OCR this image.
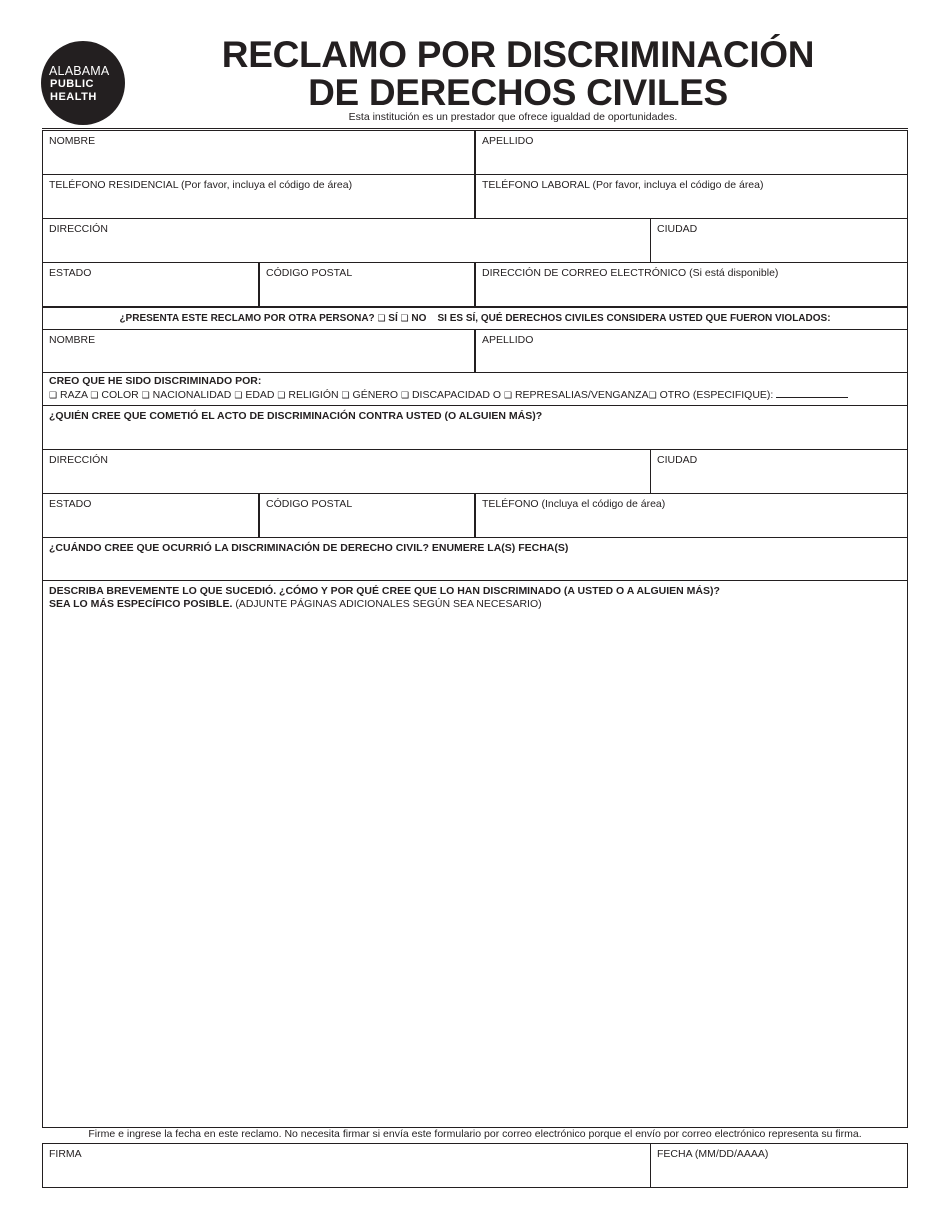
ALABAMA
PUBLIC
HEALTH
RECLAMO POR DISCRIMINACIÓN
DE DERECHOS CIVILES
Esta institución es un prestador que ofrece igualdad de oportunidades.
NOMBRE	APELLIDO
TELÉFONO RESIDENCIAL (Por favor, incluya el código de área)	TELÉFONO LABORAL (Por favor, incluya el código de área)
DIRECCIÓN	CIUDAD
ESTADO	CÓDIGO POSTAL	DIRECCIÓN DE CORREO ELECTRÓNICO (Si está disponible)
¿PRESENTA ESTE RECLAMO POR OTRA PERSONA?
❑
SÍ
❑
NO
SI ES SÍ, QUÉ DERECHOS CIVILES CONSIDERA USTED QUE FUERON VIOLADOS:
NOMBRE	APELLIDO
CREO QUE HE SIDO DISCRIMINADO POR:
❑ RAZA ❑ COLOR ❑ NACIONALIDAD ❑ EDAD ❑ RELIGIÓN ❑ GÉNERO ❑ DISCAPACIDAD O ❑ REPRESALIAS/VENGANZA❑ OTRO (ESPECIFIQUE):
¿QUIÉN CREE QUE COMETIÓ EL ACTO DE DISCRIMINACIÓN CONTRA USTED (O ALGUIEN MÁS)?
DIRECCIÓN	CIUDAD
ESTADO	CÓDIGO POSTAL	TELÉFONO (Incluya el código de área)
¿CUÁNDO CREE QUE OCURRIÓ LA DISCRIMINACIÓN DE DERECHO CIVIL? ENUMERE LA(S) FECHA(S)
DESCRIBA BREVEMENTE LO QUE SUCEDIÓ. ¿CÓMO Y POR QUÉ CREE QUE LO HAN DISCRIMINADO (A USTED O A ALGUIEN MÁS)?
SEA LO MÁS ESPECÍFICO POSIBLE. (ADJUNTE PÁGINAS ADICIONALES SEGÚN SEA NECESARIO)
Firme e ingrese la fecha en este reclamo. No necesita firmar si envía este formulario por correo electrónico porque el envío por correo electrónico representa su firma.
FIRMA	FECHA (MM/DD/AAAA)
